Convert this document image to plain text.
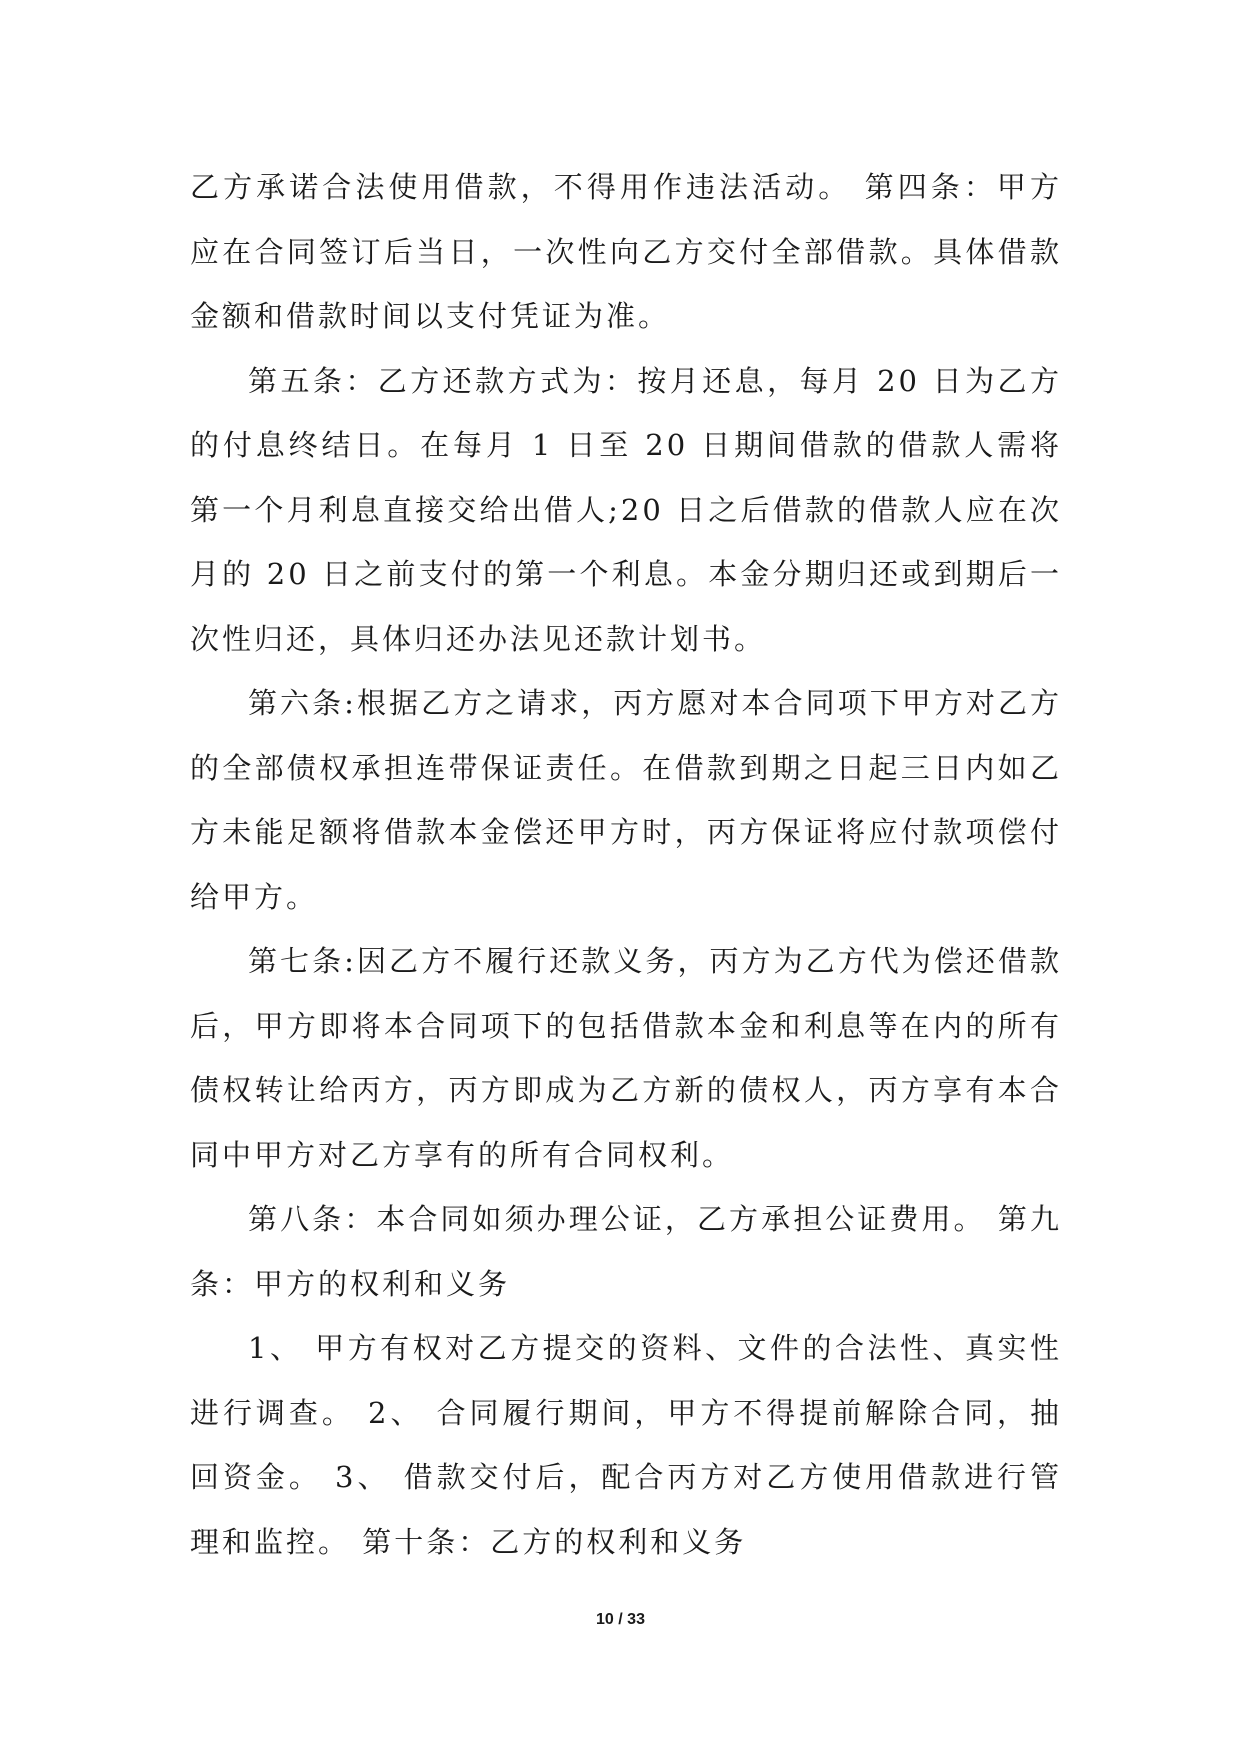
乙方承诺合法使用借款，不得用作违法活动。 第四条：甲方应在合同签订后当日，一次性向乙方交付全部借款。具体借款金额和借款时间以支付凭证为准。

第五条：乙方还款方式为：按月还息，每月 20 日为乙方的付息终结日。在每月 1 日至 20 日期间借款的借款人需将第一个月利息直接交给出借人;20 日之后借款的借款人应在次月的 20 日之前支付的第一个利息。本金分期归还或到期后一次性归还，具体归还办法见还款计划书。

第六条:根据乙方之请求，丙方愿对本合同项下甲方对乙方的全部债权承担连带保证责任。在借款到期之日起三日内如乙方未能足额将借款本金偿还甲方时，丙方保证将应付款项偿付给甲方。

第七条:因乙方不履行还款义务，丙方为乙方代为偿还借款后，甲方即将本合同项下的包括借款本金和利息等在内的所有债权转让给丙方，丙方即成为乙方新的债权人，丙方享有本合同中甲方对乙方享有的所有合同权利。

第八条：本合同如须办理公证，乙方承担公证费用。 第九条：甲方的权利和义务

1、 甲方有权对乙方提交的资料、文件的合法性、真实性进行调查。 2、 合同履行期间，甲方不得提前解除合同，抽回资金。 3、 借款交付后，配合丙方对乙方使用借款进行管理和监控。 第十条：乙方的权利和义务

10 / 33
